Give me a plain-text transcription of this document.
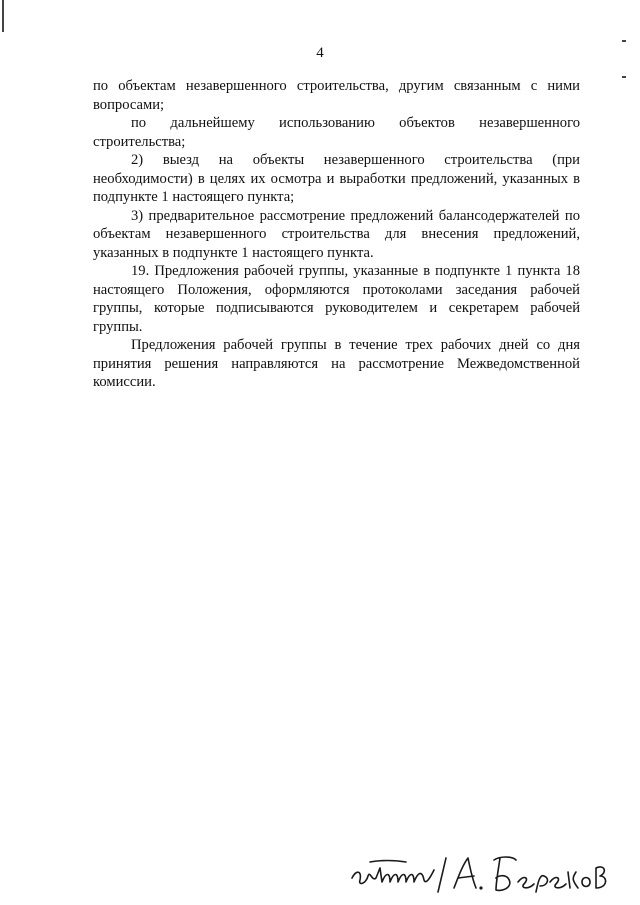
4

по объектам незавершенного строительства, другим связанным с ними вопросами;

по дальнейшему использованию объектов незавершенного строительства;

2) выезд на объекты незавершенного строительства (при необходимости) в целях их осмотра и выработки предложений, указанных в подпункте 1 настоящего пункта;

3) предварительное рассмотрение предложений балансодержателей по объектам незавершенного строительства для внесения предложений, указанных в подпункте 1 настоящего пункта.

19. Предложения рабочей группы, указанные в подпункте 1 пункта 18 настоящего Положения, оформляются протоколами заседания рабочей группы, которые подписываются руководителем и секретарем рабочей группы.

Предложения рабочей группы в течение трех рабочих дней со дня принятия решения направляются на рассмотрение Межведомственной комиссии.

А. Бербеков
